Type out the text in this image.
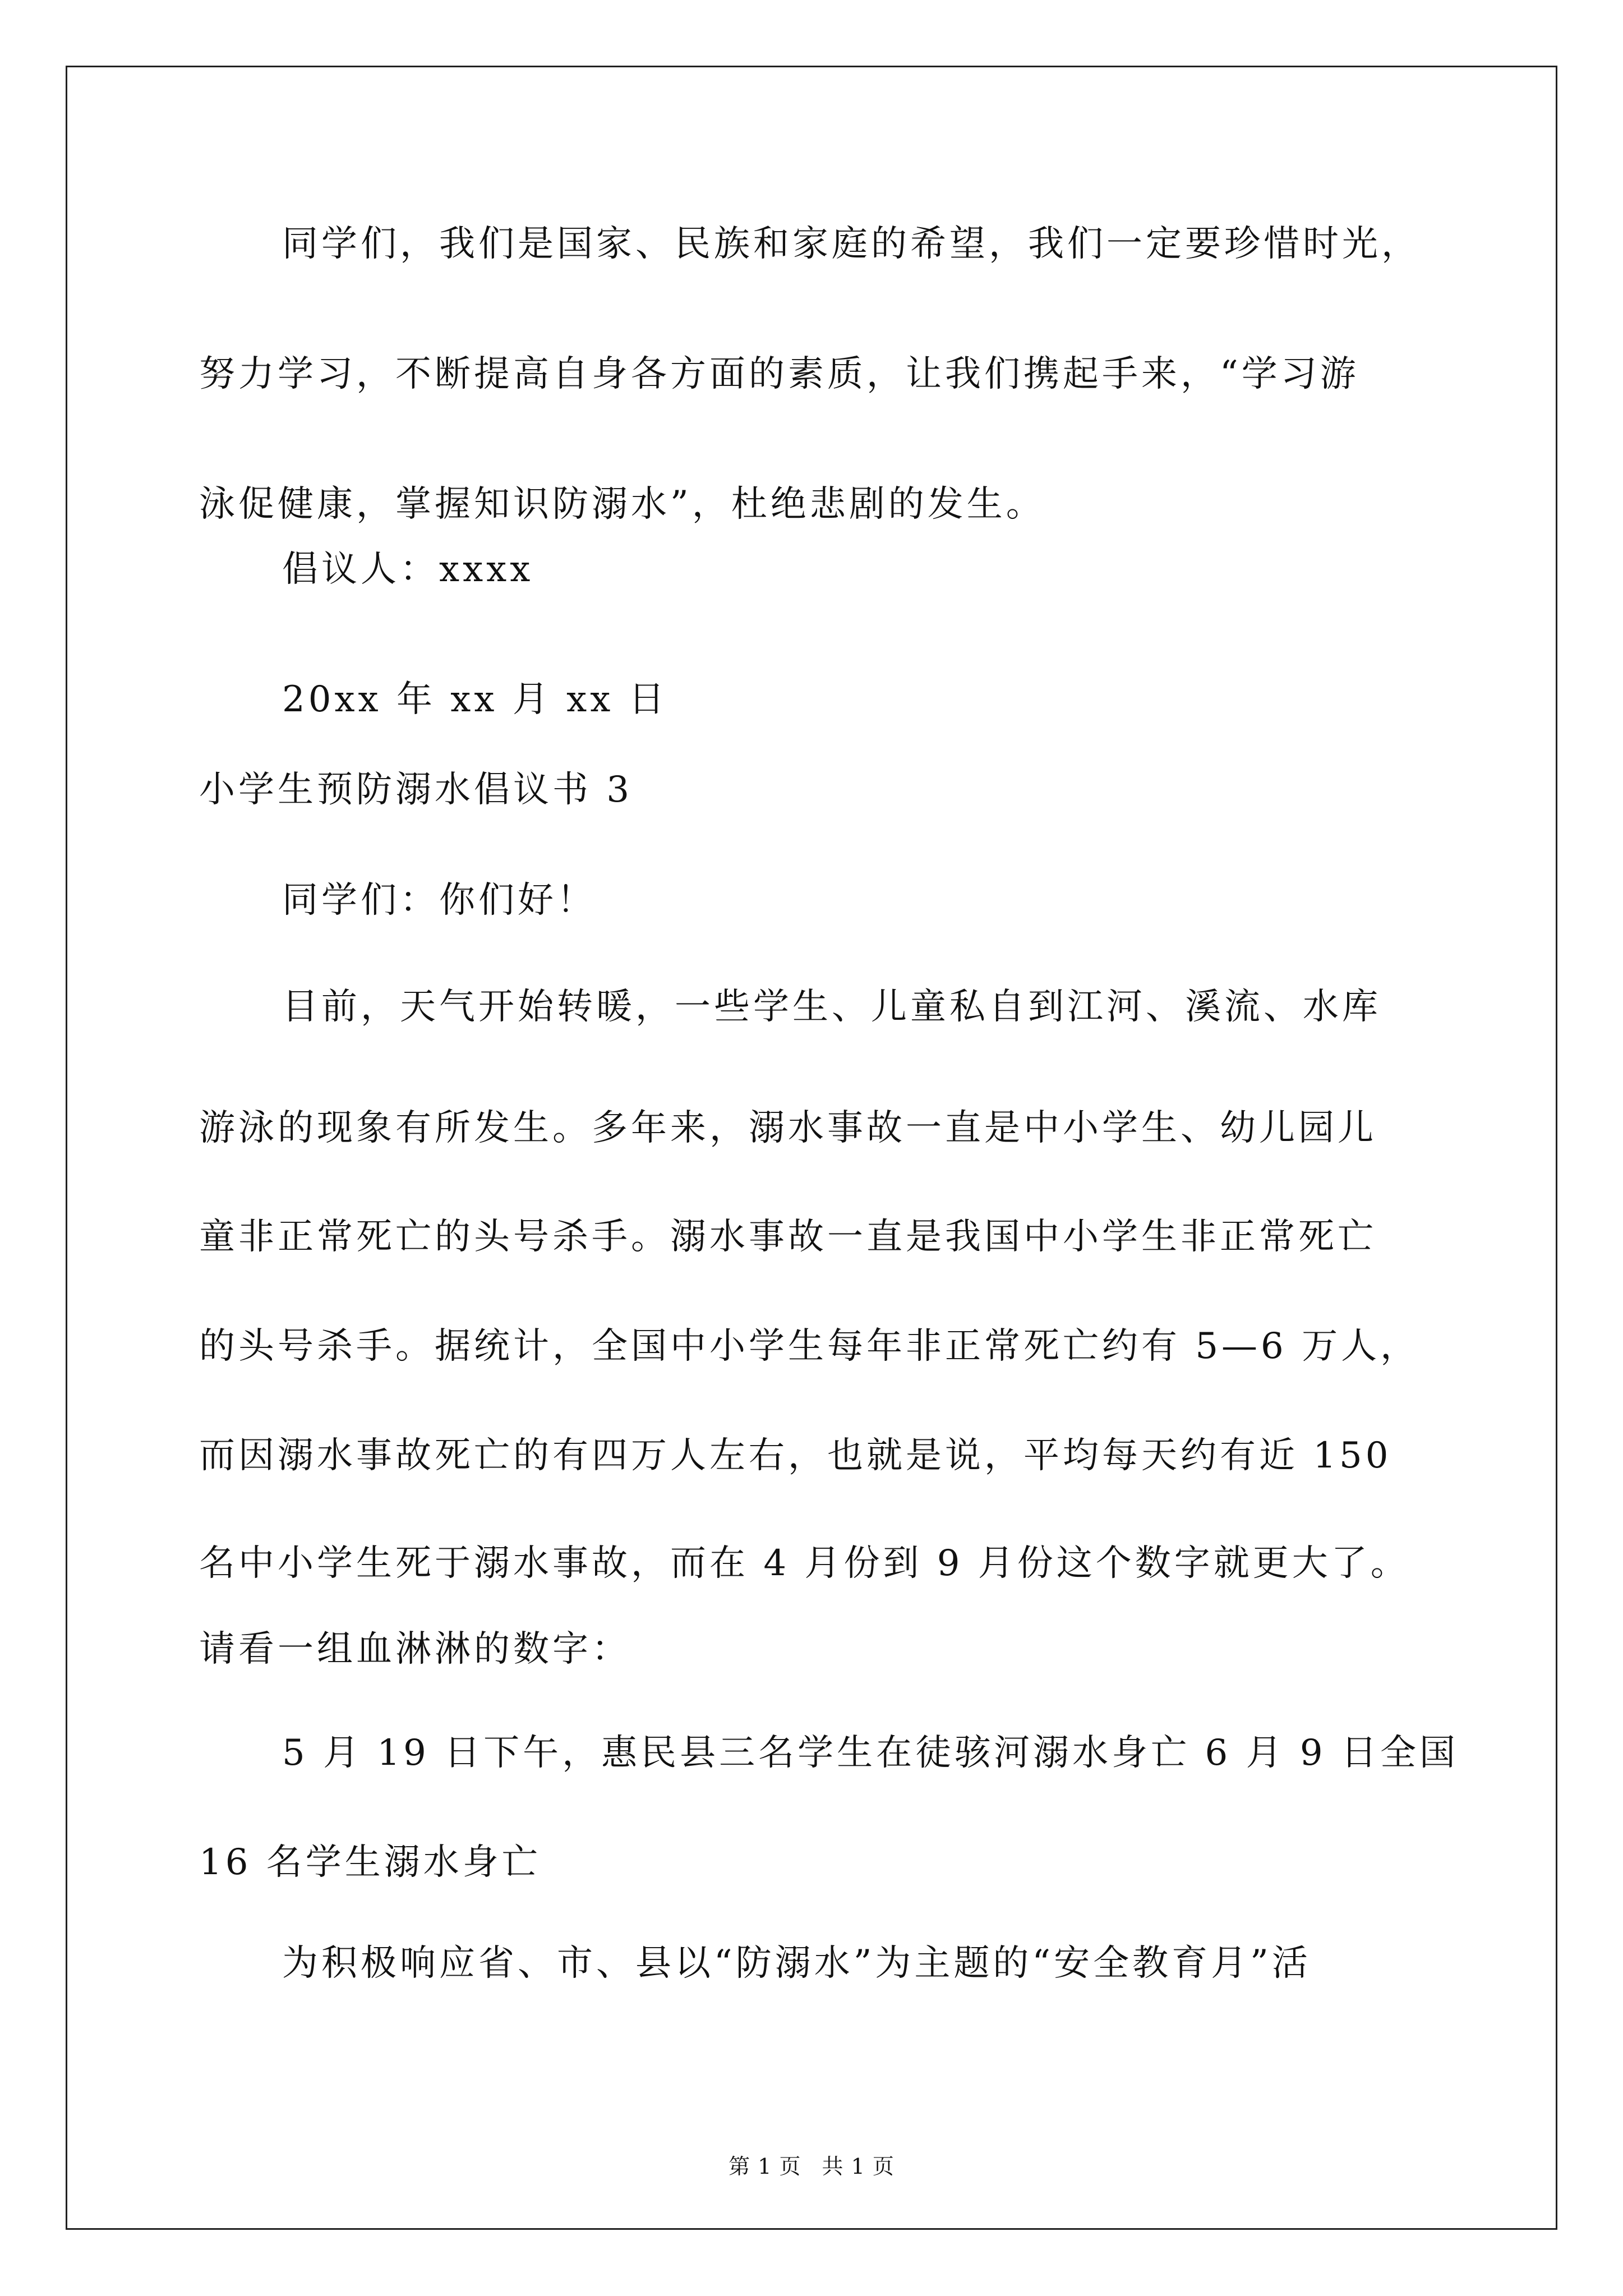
同学们，我们是国家、民族和家庭的希望，我们一定要珍惜时光，
努力学习，不断提高自身各方面的素质，让我们携起手来，“学习游
泳促健康，掌握知识防溺水”，杜绝悲剧的发生。
倡议人：xxxx
20xx 年 xx 月 xx 日
小学生预防溺水倡议书 3
同学们：你们好！
目前，天气开始转暖，一些学生、儿童私自到江河、溪流、水库
游泳的现象有所发生。多年来，溺水事故一直是中小学生、幼儿园儿
童非正常死亡的头号杀手。溺水事故一直是我国中小学生非正常死亡
的头号杀手。据统计，全国中小学生每年非正常死亡约有 5—6 万人，
而因溺水事故死亡的有四万人左右，也就是说，平均每天约有近 150
名中小学生死于溺水事故，而在 4 月份到 9 月份这个数字就更大了。
请看一组血淋淋的数字：
5 月 19 日下午，惠民县三名学生在徒骇河溺水身亡 6 月 9 日全国
16 名学生溺水身亡
为积极响应省、市、县以“防溺水”为主题的“安全教育月”活
第 1 页 共 1 页
